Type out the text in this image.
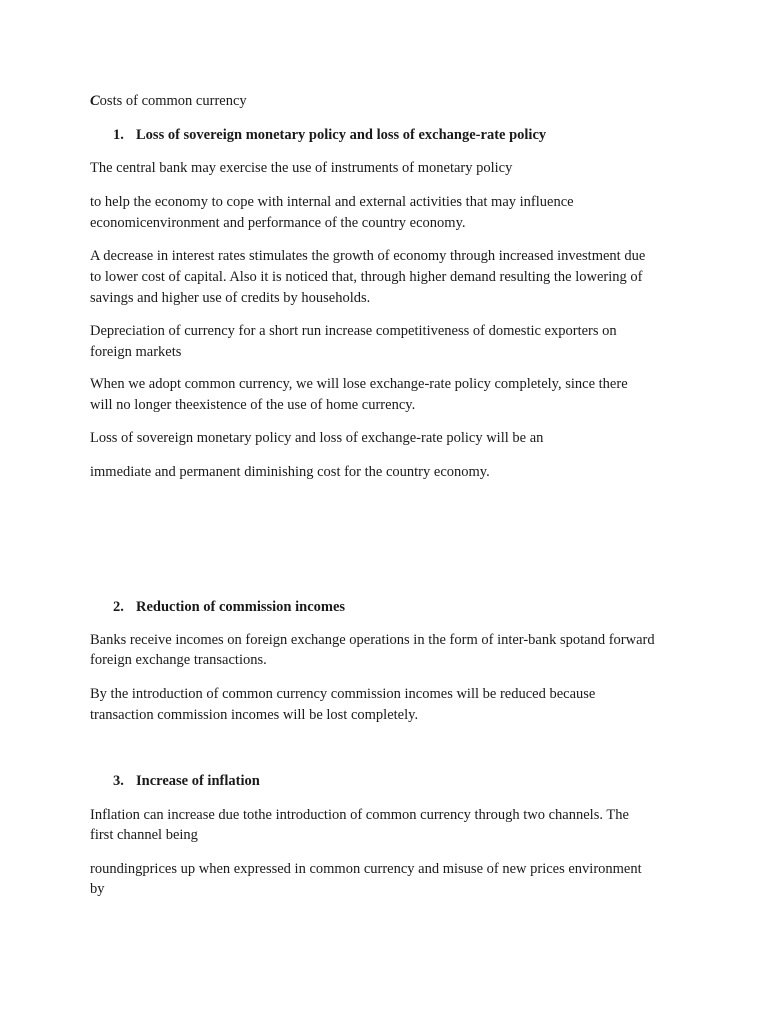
Costs of common currency
1. Loss of sovereign monetary policy and loss of exchange-rate policy
The central bank may exercise the use of instruments of monetary policy
to help the economy to cope with internal and external activities that may influence
economicenvironment and performance of the country economy.
A decrease in interest rates stimulates the growth of economy through increased investment due
to lower cost of capital. Also it is noticed that, through higher demand resulting the lowering of
savings and higher use of credits by households.
Depreciation of currency for a short run increase competitiveness of domestic exporters on
foreign markets
When we adopt common currency, we will lose exchange-rate policy completely, since there
will no longer theexistence of the use of home currency.
Loss of sovereign monetary policy and loss of exchange-rate policy will be an
immediate and permanent diminishing cost for the country economy.
2. Reduction of commission incomes
Banks receive incomes on foreign exchange operations in the form of inter-bank spotand forward
foreign exchange transactions.
By the introduction of common currency commission incomes will be reduced because
transaction commission incomes will be lost completely.
3. Increase of inflation
Inflation can increase due tothe introduction of common currency through two channels. The
first channel being
roundingprices up when expressed in common currency and misuse of new prices environment
by
